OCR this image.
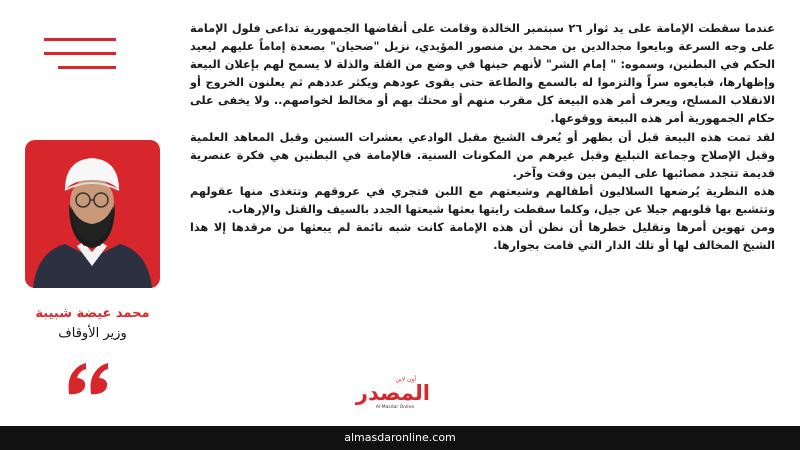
محمد عيضة شبيبة
وزير الأوقاف

عندما سقطت الإمامة على يد ثوار ٢٦ سبتمبر الخالدة وقامت على أنقاضها الجمهورية تداعى فلول الإمامة على وجه السرعة وبايعوا مجدالدين بن محمد بن منصور المؤيدي، نزيل "ضحيان" بصعدة إماماً عليهم ليعيد الحكم في البطنين، وسموه: " إمام الشر" لأنهم حينها في وضع من القلة والذلة لا يسمح لهم بإعلان البيعة وإظهارها، فبايعوه سراً والتزموا له بالسمع والطاعة حتى يقوى عودهم ويكثر عددهم ثم يعلنون الخروج أو الانقلاب المسلح، ويعرف أمر هذه البيعة كل مقرب منهم أو محتك بهم أو مخالط لخواصهم.. ولا يخفى على حكام الجمهورية أمر هذه البيعة ووقوعها.

لقد تمت هذه البيعة قبل أن يظهر أو يُعرف الشيخ مقبل الوادعي بعشرات السنين وقبل المعاهد العلمية وقبل الإصلاح وجماعة التبليغ وقبل غيرهم من المكونات السنية. فالإمامة في البطنين هي فكرة عنصرية قديمة تتجدد مصائبها على اليمن بين وقت وآخر.

هذه النظرية يُرضعها السلاليون أطفالهم وشيعتهم مع اللبن فتجري في عروقهم وتتغذى منها عقولهم وتتشبع بها قلوبهم جيلا عن جيل، وكلما سقطت رايتها بعثها شيعتها الجدد بالسيف والقتل والإرهاب.

ومن تهوين أمرها وتقليل خطرها أن نظن أن هذه الإمامة كانت شبه نائمة لم يبعثها من مرقدها إلا هذا الشيخ المخالف لها أو تلك الدار التي قامت بجوارها.

أون لاين
المصدر
Al-Masdar Online
almasdaronline.com
